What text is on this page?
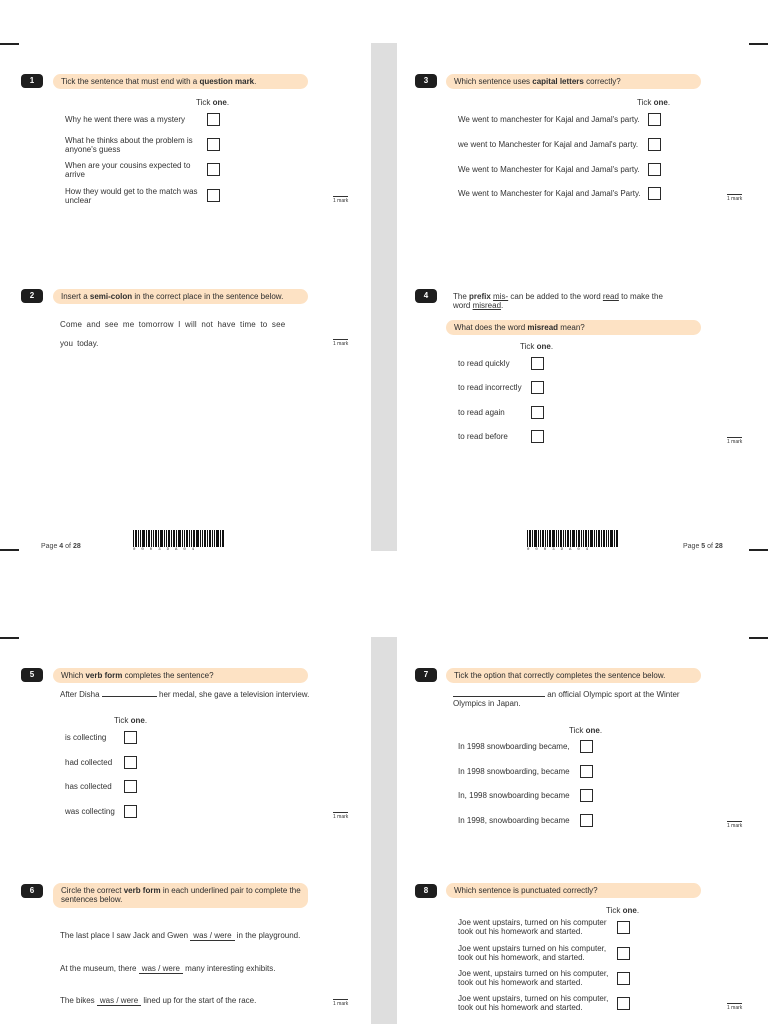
1	Tick the sentence that must end with a question mark.
Tick one.
Why he went there was a mystery
What he thinks about the problem is anyone's guess
When are your cousins expected to arrive
How they would get to the match was unclear	1 mark
2	Insert a semi-colon in the correct place in the sentence below.
Come and see me tomorrow I will not have time to see
you today.	1 mark
Page 4 of 28	0003DA04
3	Which sentence uses capital letters correctly?
Tick one.
We went to manchester for Kajal and Jamal's party.
we went to Manchester for Kajal and Jamal's party.
We went to Manchester for Kajal and Jamal's party.
We went to Manchester for Kajal and Jamal's Party.
1 mark
4	The prefix mis- can be added to the word read to make the
word misread.
What does the word misread mean?
Tick one.
to read quickly
to read incorrectly
to read again
to read before
1 mark
0003DA04	Page 5 of 28
5	Which verb form completes the sentence?
After Disha	her medal, she gave a television interview.
Tick one.
is collecting
had collected
has collected
was collecting
1 mark
6	Circle the correct verb form in each underlined pair to complete the
sentences below.
The last place I saw Jack and Gwen was / were in the playground.
At the museum, there was / were many interesting exhibits.
The bikes was / were lined up for the start of the race.	1 mark
7	Tick the option that correctly completes the sentence below.
an official Olympic sport at the Winter
Olympics in Japan.
Tick one.
In 1998 snowboarding became,
In 1998 snowboarding, became
In, 1998 snowboarding became
In 1998, snowboarding became
1 mark
8	Which sentence is punctuated correctly?
Tick one.
Joe went upstairs, turned on his computer took out his homework and started.
Joe went upstairs turned on his computer, took out his homework, and started.
Joe went, upstairs turned on his computer, took out his homework and started.
Joe went upstairs, turned on his computer, took out his homework and started.	1 mark
